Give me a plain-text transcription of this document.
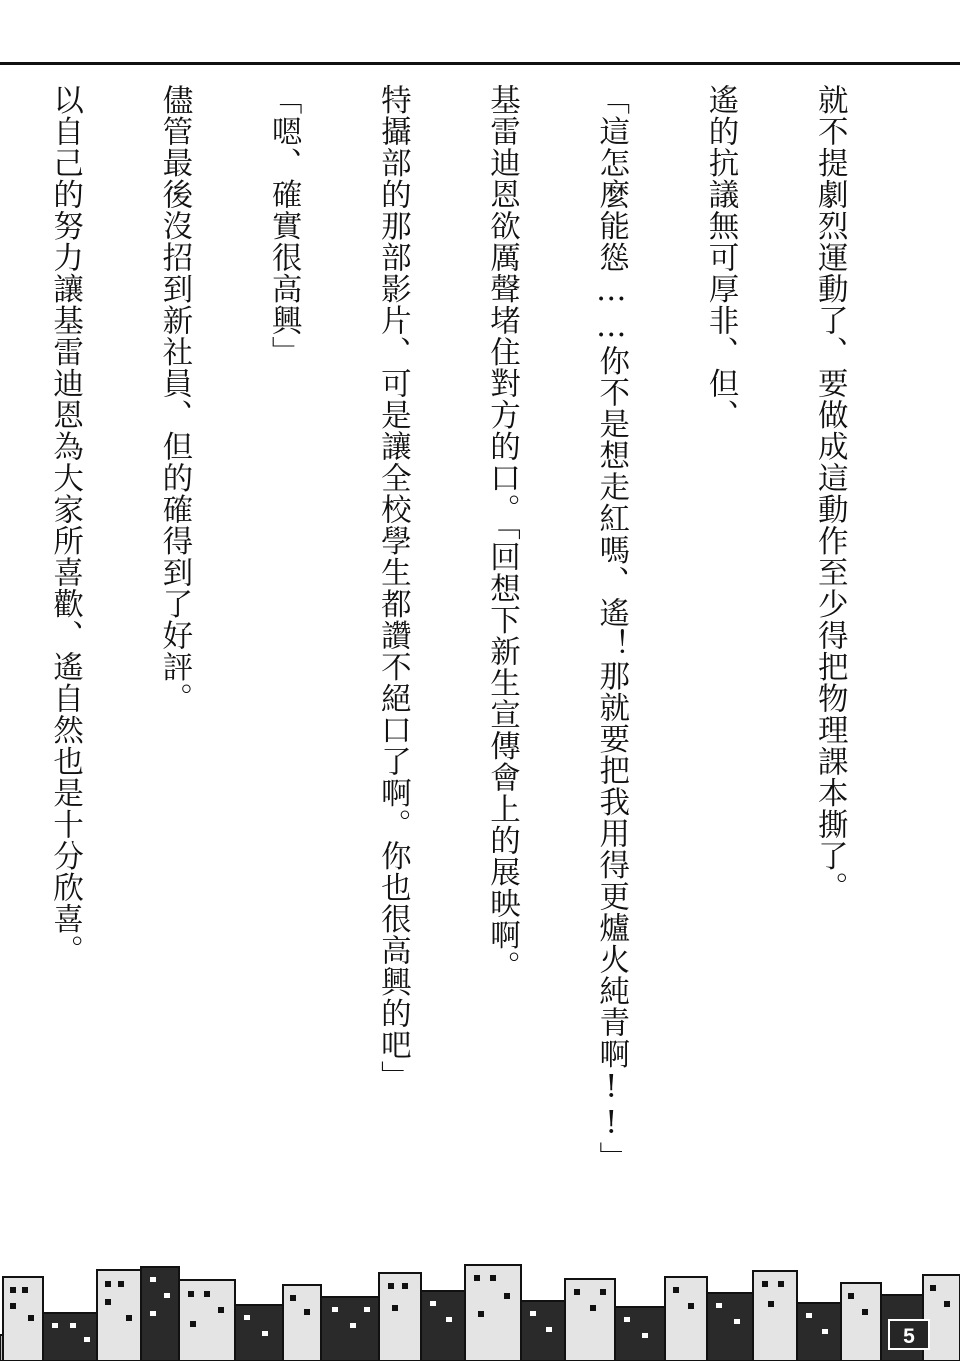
就不提劇烈運動了、要做成這動作至少得把物理課本撕了。

遙的抗議無可厚非、但、

「這怎麼能慫……你不是想走紅嗎、遙！那就要把我用得更爐火純青啊!!」

基雷迪恩欲厲聲堵住對方的口。「回想下新生宣傳會上的展映啊。

特攝部的那部影片、可是讓全校學生都讚不絕口了啊。你也很高興的吧」

「嗯、確實很高興」

儘管最後沒招到新社員、但的確得到了好評。

以自己的努力讓基雷迪恩為大家所喜歡、遙自然也是十分欣喜。

5
